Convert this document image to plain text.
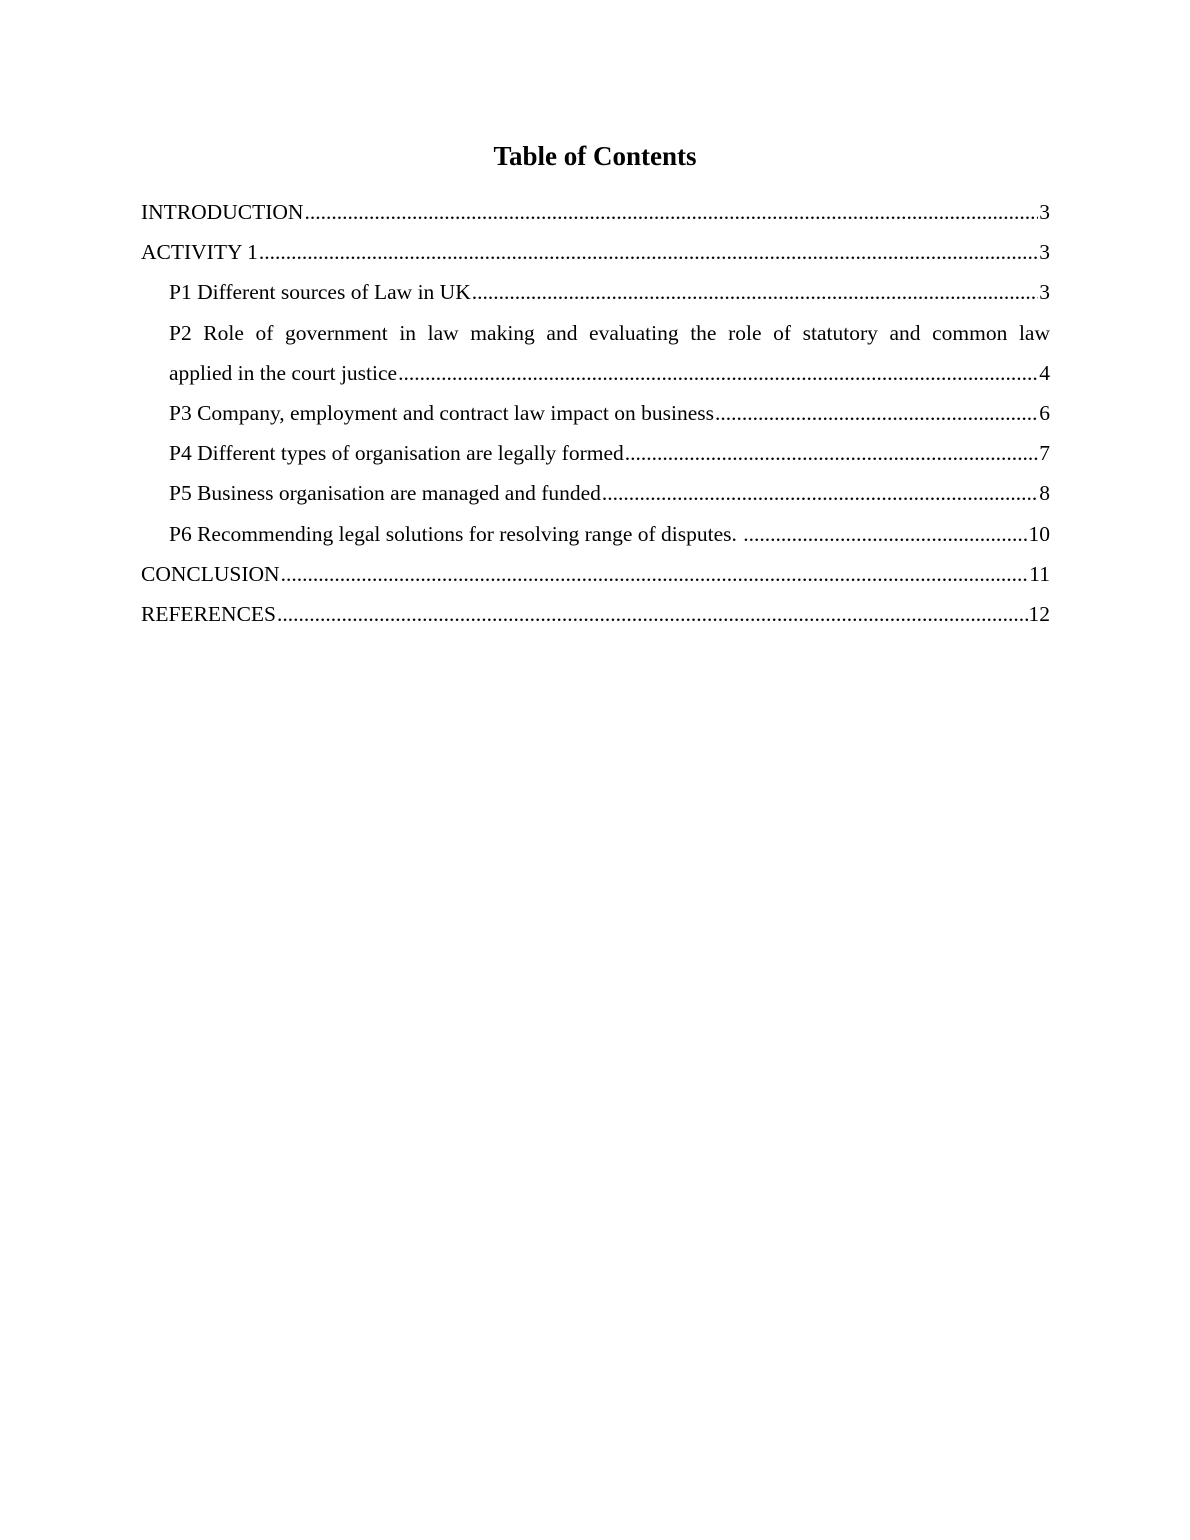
Table of Contents
INTRODUCTION .....	3
ACTIVITY 1 .....	3
P1 Different sources of Law in UK .....	3
P2 Role of government in law making and evaluating the role of statutory and common law
applied in the court justice .....	4
P3 Company, employment and contract law impact on business .....	6
P4 Different types of organisation are legally formed .....	7
P5 Business organisation are managed and funded .....	8
P6 Recommending legal solutions for resolving range of disputes. .....	10
CONCLUSION .....	11
REFERENCES .....	12
